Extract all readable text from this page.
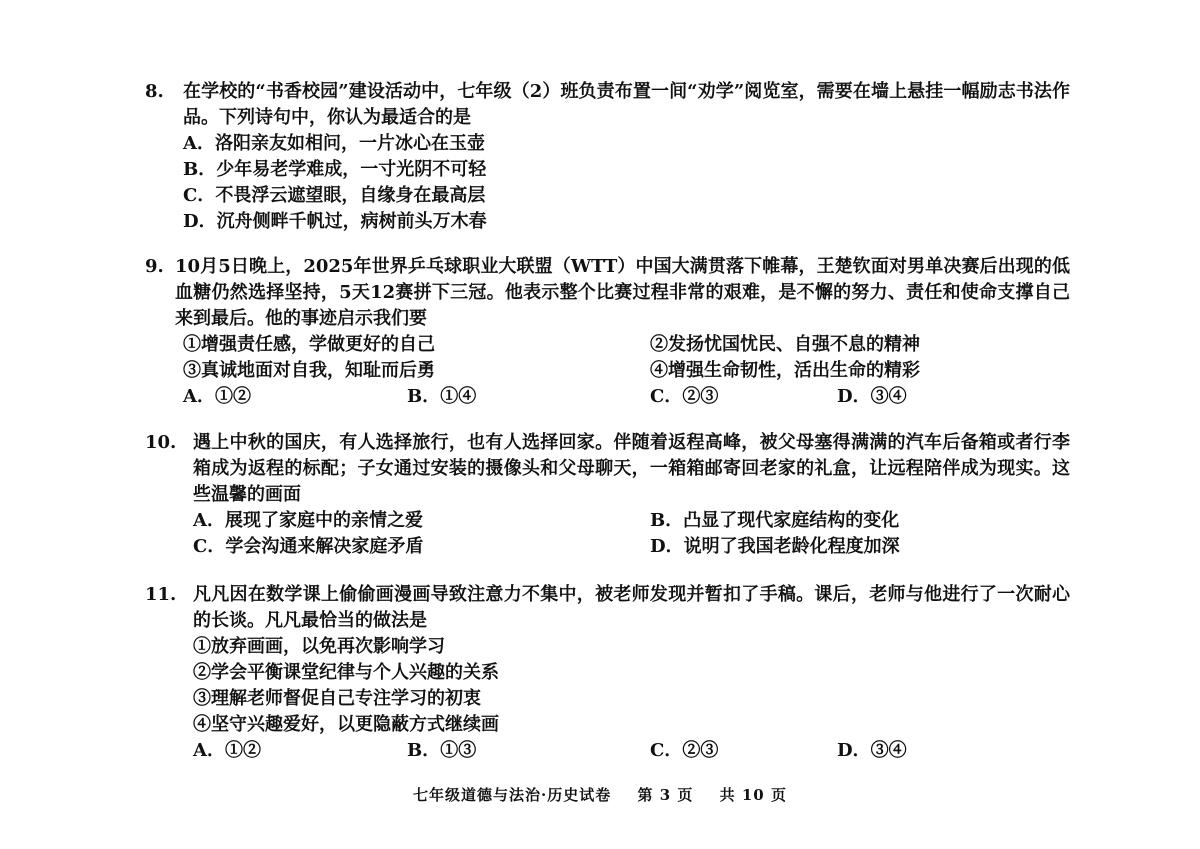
8. 在学校的“书香校园”建设活动中，七年级（2）班负责布置一间“劝学”阅览室，需要在墙上悬挂一幅励志书法作品。下列诗句中，你认为最适合的是
A．洛阳亲友如相问，一片冰心在玉壶
B．少年易老学难成，一寸光阴不可轻
C．不畏浮云遮望眼，自缘身在最高层
D．沉舟侧畔千帆过，病树前头万木春
9. 10月5日晚上，2025年世界乒乓球职业大联盟（WTT）中国大满贯落下帷幕，王楚钦面对男单决赛后出现的低血糖仍然选择坚持，5天12赛拼下三冠。他表示整个比赛过程非常的艰难，是不懈的努力、责任和使命支撑自己来到最后。他的事迹启示我们要
①增强责任感，学做更好的自己	②发扬忧国忧民、自强不息的精神
③真诚地面对自我，知耻而后勇	④增强生命韧性，活出生命的精彩
A．①②	B．①④	C．②③	D．③④
10. 遇上中秋的国庆，有人选择旅行，也有人选择回家。伴随着返程高峰，被父母塞得满满的汽车后备箱或者行李箱成为返程的标配；子女通过安装的摄像头和父母聊天，一箱箱邮寄回老家的礼盒，让远程陪伴成为现实。这些温馨的画面
A．展现了家庭中的亲情之爱	B．凸显了现代家庭结构的变化
C．学会沟通来解决家庭矛盾	D．说明了我国老龄化程度加深
11. 凡凡因在数学课上偷偷画漫画导致注意力不集中，被老师发现并暂扣了手稿。课后，老师与他进行了一次耐心的长谈。凡凡最恰当的做法是
①放弃画画，以免再次影响学习
②学会平衡课堂纪律与个人兴趣的关系
③理解老师督促自己专注学习的初衷
④坚守兴趣爱好，以更隐蔽方式继续画
A．①②	B．①③	C．②③	D．③④
七年级道德与法治·历史试卷 第 3 页 共 10 页
